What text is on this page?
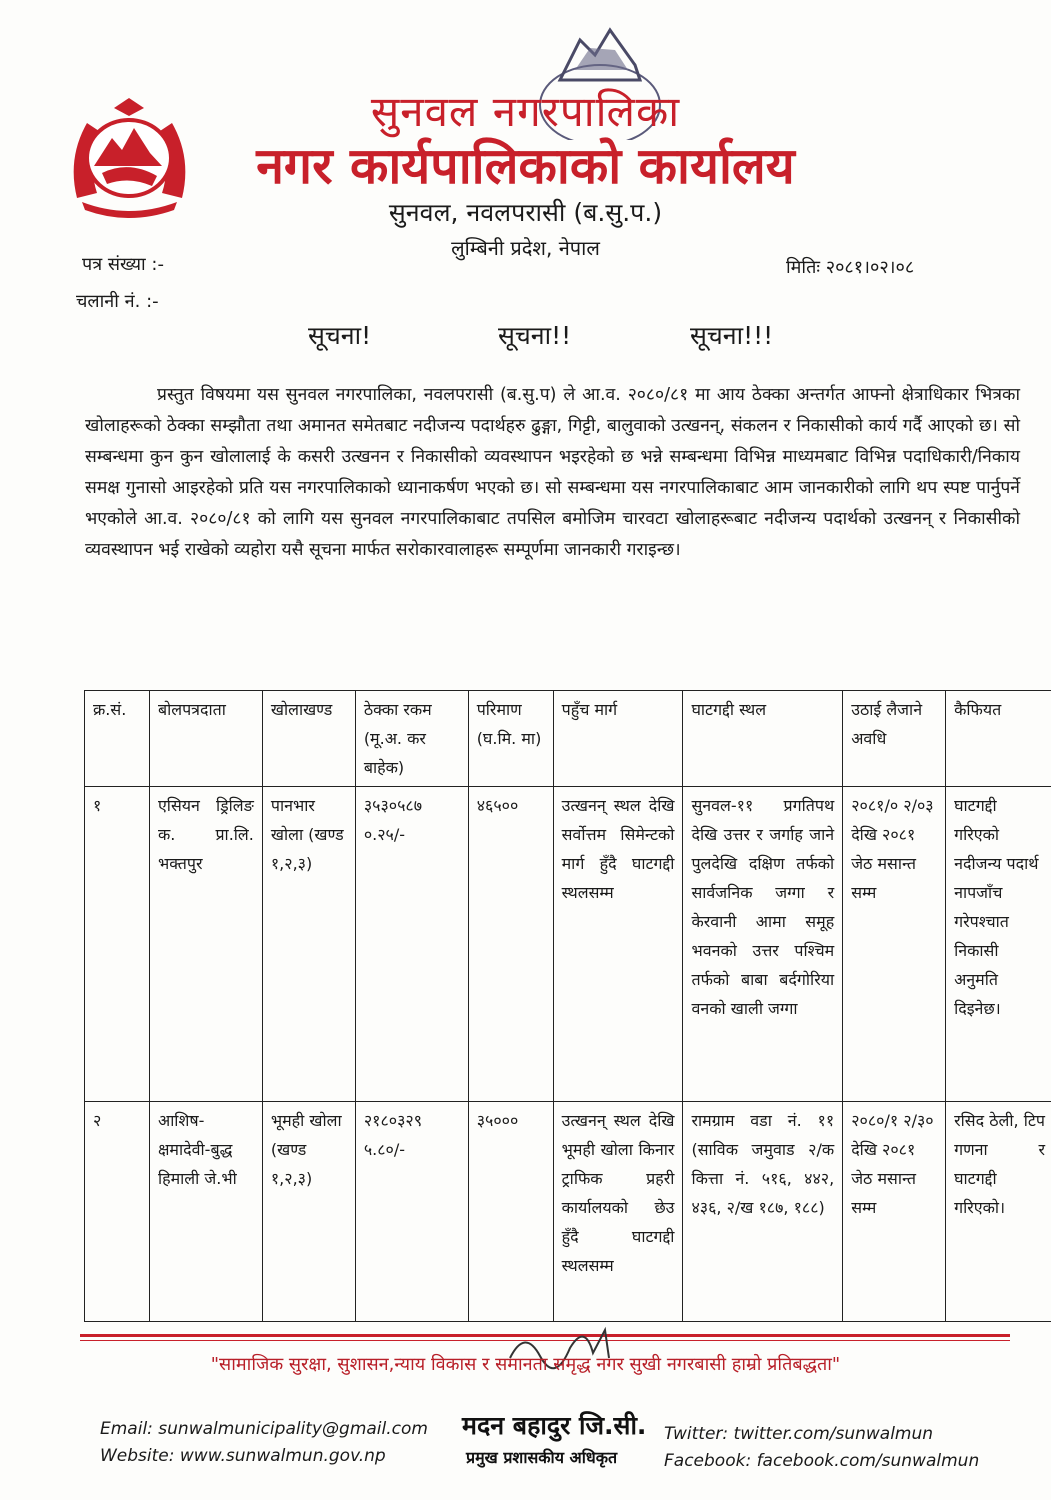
सुनवल नगरपालिका
नगर कार्यपालिकाको कार्यालय
सुनवल, नवलपरासी (ब.सु.प.)
लुम्बिनी प्रदेश, नेपाल
पत्र संख्या :-
चलानी नं. :-
मितिः २०८१।०२।०८
सूचना!	सूचना!!	सूचना!!!
प्रस्तुत विषयमा यस सुनवल नगरपालिका, नवलपरासी (ब.सु.प) ले आ.व. २०८०/८१ मा आय ठेक्का अन्तर्गत आफ्नो क्षेत्राधिकार भित्रका खोलाहरूको ठेक्का सम्झौता तथा अमानत समेतबाट नदीजन्य पदार्थहरु ढुङ्गा, गिट्टी, बालुवाको उत्खनन्, संकलन र निकासीको कार्य गर्दै आएको छ। सो सम्बन्धमा कुन कुन खोलालाई के कसरी उत्खनन र निकासीको व्यवस्थापन भइरहेको छ भन्ने सम्बन्धमा विभिन्न माध्यमबाट विभिन्न पदाधिकारी/निकाय समक्ष गुनासो आइरहेको प्रति यस नगरपालिकाको ध्यानाकर्षण भएको छ। सो सम्बन्धमा यस नगरपालिकाबाट आम जानकारीको लागि थप स्पष्ट पार्नुपर्ने भएकोले आ.व. २०८०/८१ को लागि यस सुनवल नगरपालिकाबाट तपसिल बमोजिम चारवटा खोलाहरूबाट नदीजन्य पदार्थको उत्खनन् र निकासीको व्यवस्थापन भई राखेको व्यहोरा यसै सूचना मार्फत सरोकारवालाहरू सम्पूर्णमा जानकारी गराइन्छ।
क्र.सं.	बोलपत्रदाता	खोलाखण्ड	ठेक्का रकम (मू.अ. कर बाहेक)	परिमाण (घ.मि. मा)	पहुँच मार्ग	घाटगद्दी स्थल	उठाई लैजाने अवधि	कैफियत
१	एसियन ड्रिलिङ क. प्रा.लि. भक्तपुर	पानभार खोला (खण्ड १,२,३)	३५३०५८७ ०.२५/-	४६५००	उत्खनन् स्थल देखि सर्वोत्तम सिमेन्टको मार्ग हुँदै घाटगद्दी स्थलसम्म	सुनवल-११ प्रगतिपथ देखि उत्तर र जर्गाह जाने पुलदेखि दक्षिण तर्फको सार्वजनिक जग्गा र केरवानी आमा समूह भवनको उत्तर पश्चिम तर्फको बाबा बर्दगोरिया वनको खाली जग्गा	२०८१/० २/०३ देखि २०८१ जेठ मसान्त सम्म	घाटगद्दी गरिएको नदीजन्य पदार्थ नापजाँच गरेपश्चात निकासी अनुमति दिइनेछ।
२	आशिष- क्षमादेवी-बुद्ध हिमाली जे.भी	भूमही खोला (खण्ड १,२,३)	२१८०३२९ ५.८०/-	३५०००	उत्खनन् स्थल देखि भूमही खोला किनार ट्राफिक प्रहरी कार्यालयको छेउ हुँदै घाटगद्दी स्थलसम्म	रामग्राम वडा नं. ११ (साविक जमुवाड २/क कित्ता नं. ५१६, ४४२, ४३६, २/ख १८७, १८८)	२०८०/१ २/३० देखि २०८१ जेठ मसान्त सम्म	रसिद ठेली, टिप गणना र घाटगद्दी गरिएको।
"सामाजिक सुरक्षा, सुशासन,न्याय विकास र समानता समृद्ध नगर सुखी नगरबासी हाम्रो प्रतिबद्धता"
Email: sunwalmunicipality@gmail.com
Website: www.sunwalmun.gov.np
Twitter: twitter.com/sunwalmun
Facebook: facebook.com/sunwalmun
मदन बहादुर जि.सी.
प्रमुख प्रशासकीय अधिकृत
